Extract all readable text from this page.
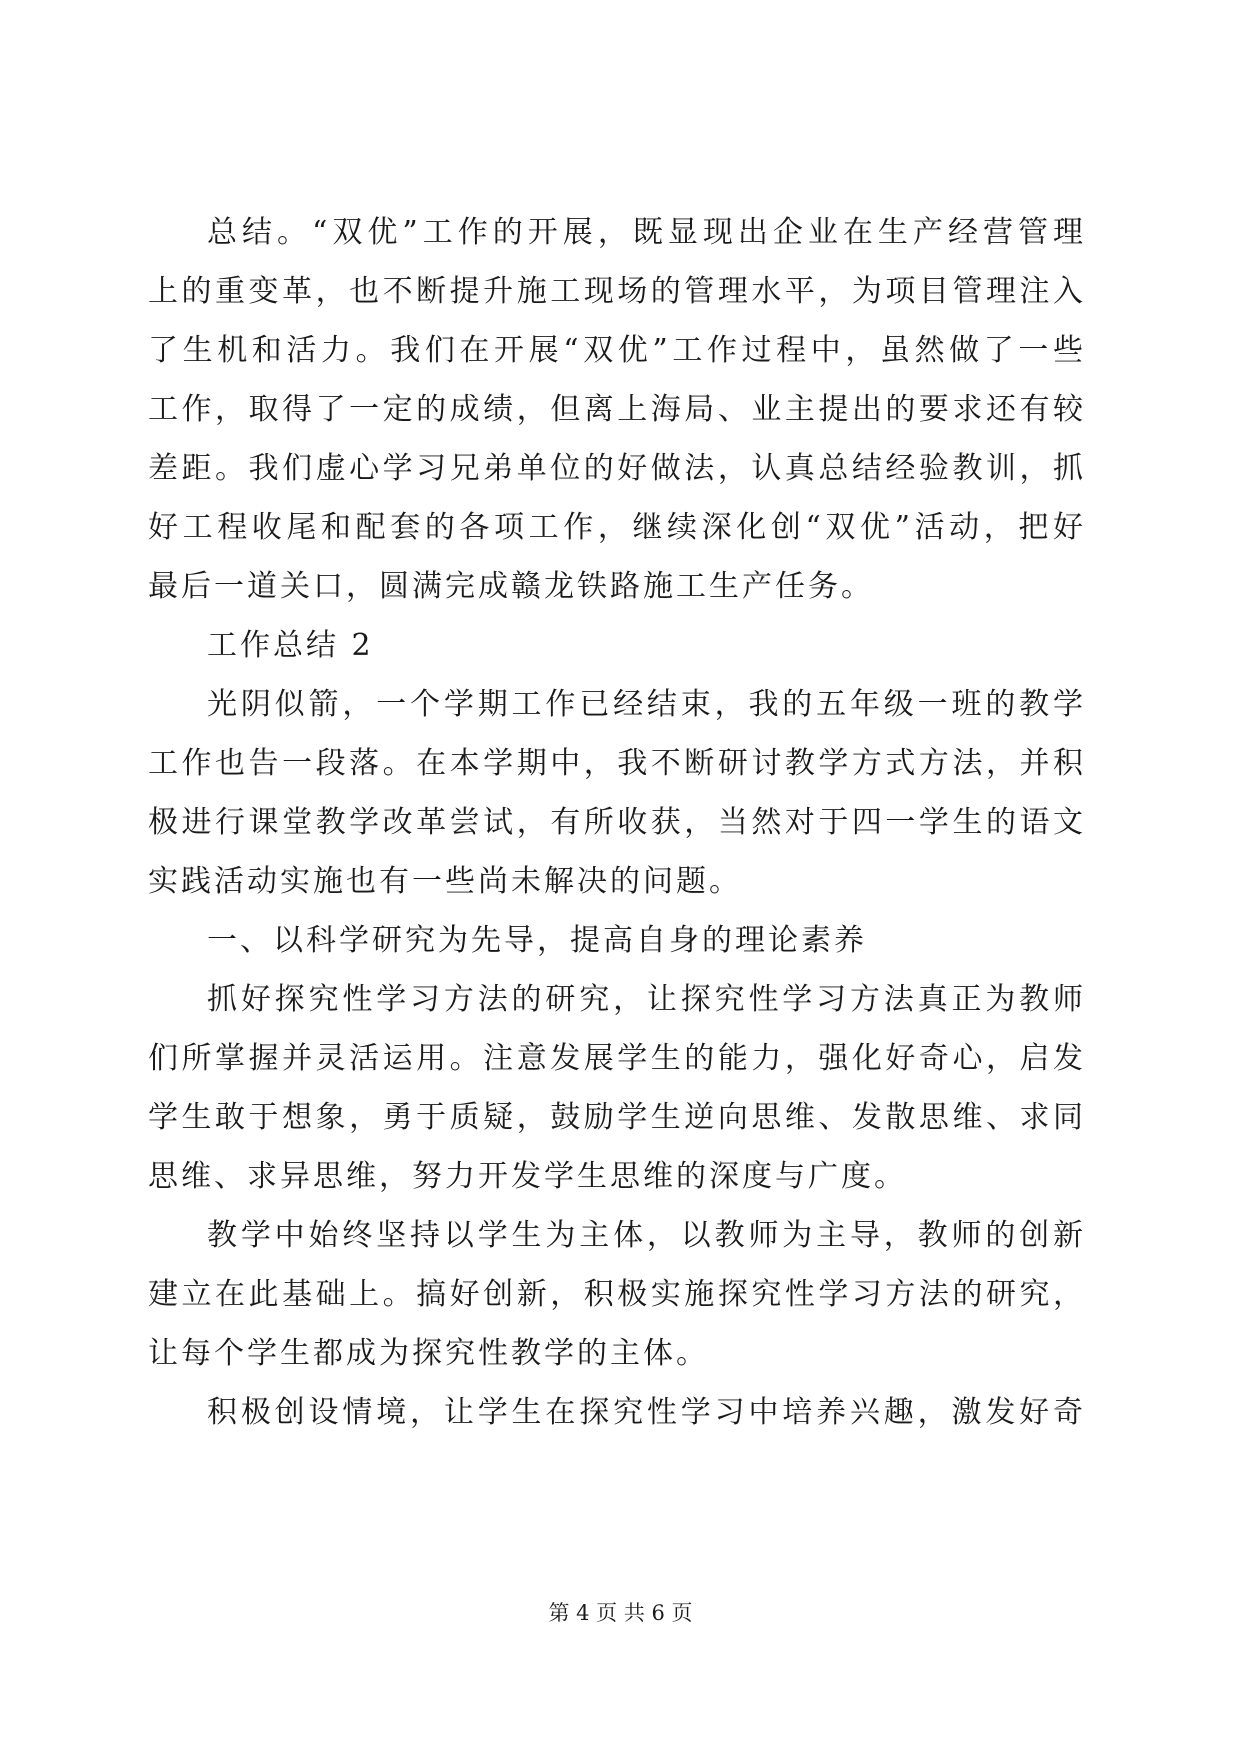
总结。“双优”工作的开展，既显现出企业在生产经营管理
上的重变革，也不断提升施工现场的管理水平，为项目管理注入
了生机和活力。我们在开展“双优”工作过程中，虽然做了一些
工作，取得了一定的成绩，但离上海局、业主提出的要求还有较
差距。我们虚心学习兄弟单位的好做法，认真总结经验教训，抓
好工程收尾和配套的各项工作，继续深化创“双优”活动，把好
最后一道关口，圆满完成赣龙铁路施工生产任务。
工作总结 2
光阴似箭，一个学期工作已经结束，我的五年级一班的教学
工作也告一段落。在本学期中，我不断研讨教学方式方法，并积
极进行课堂教学改革尝试，有所收获，当然对于四一学生的语文
实践活动实施也有一些尚未解决的问题。
一、以科学研究为先导，提高自身的理论素养
抓好探究性学习方法的研究，让探究性学习方法真正为教师
们所掌握并灵活运用。注意发展学生的能力，强化好奇心，启发
学生敢于想象，勇于质疑，鼓励学生逆向思维、发散思维、求同
思维、求异思维，努力开发学生思维的深度与广度。
教学中始终坚持以学生为主体，以教师为主导，教师的创新
建立在此基础上。搞好创新，积极实施探究性学习方法的研究，
让每个学生都成为探究性教学的主体。
积极创设情境，让学生在探究性学习中培养兴趣，激发好奇
第 4 页 共 6 页
